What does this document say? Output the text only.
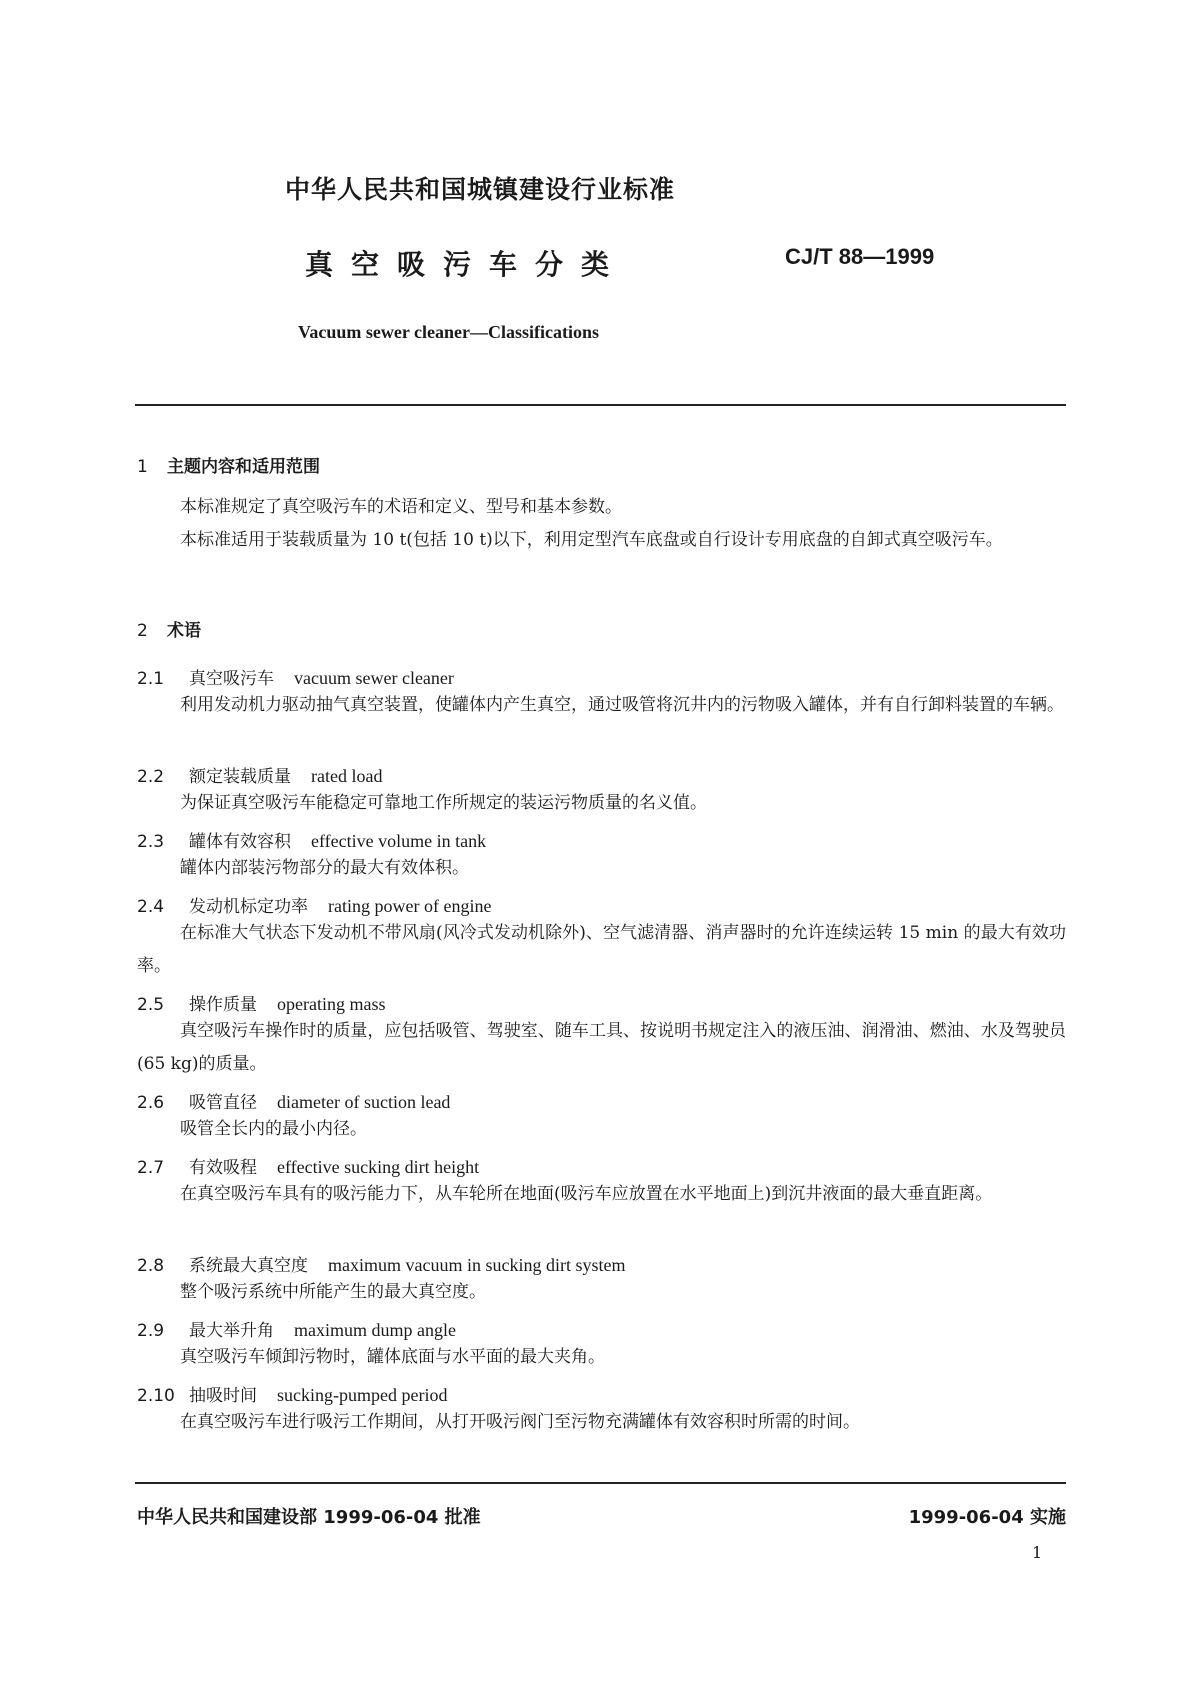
中华人民共和国城镇建设行业标准
真空吸污车分类	CJ/T 88—1999
Vacuum sewer cleaner—Classifications
1 主题内容和适用范围
本标准规定了真空吸污车的术语和定义、型号和基本参数。
本标准适用于装载质量为 10 t(包括 10 t)以下，利用定型汽车底盘或自行设计专用底盘的自卸式真空吸污车。
2 术语
2.1 真空吸污车 vacuum sewer cleaner
利用发动机力驱动抽气真空装置，使罐体内产生真空，通过吸管将沉井内的污物吸入罐体，并有自行卸料装置的车辆。
2.2 额定装载质量 rated load
为保证真空吸污车能稳定可靠地工作所规定的装运污物质量的名义值。
2.3 罐体有效容积 effective volume in tank
罐体内部装污物部分的最大有效体积。
2.4 发动机标定功率 rating power of engine
在标准大气状态下发动机不带风扇(风冷式发动机除外)、空气滤清器、消声器时的允许连续运转 15 min 的最大有效功率。
2.5 操作质量 operating mass
真空吸污车操作时的质量，应包括吸管、驾驶室、随车工具、按说明书规定注入的液压油、润滑油、燃油、水及驾驶员(65 kg)的质量。
2.6 吸管直径 diameter of suction lead
吸管全长内的最小内径。
2.7 有效吸程 effective sucking dirt height
在真空吸污车具有的吸污能力下，从车轮所在地面(吸污车应放置在水平地面上)到沉井液面的最大垂直距离。
2.8 系统最大真空度 maximum vacuum in sucking dirt system
整个吸污系统中所能产生的最大真空度。
2.9 最大举升角 maximum dump angle
真空吸污车倾卸污物时，罐体底面与水平面的最大夹角。
2.10 抽吸时间 sucking-pumped period
在真空吸污车进行吸污工作期间，从打开吸污阀门至污物充满罐体有效容积时所需的时间。
中华人民共和国建设部 1999-06-04 批准	1999-06-04 实施
1
